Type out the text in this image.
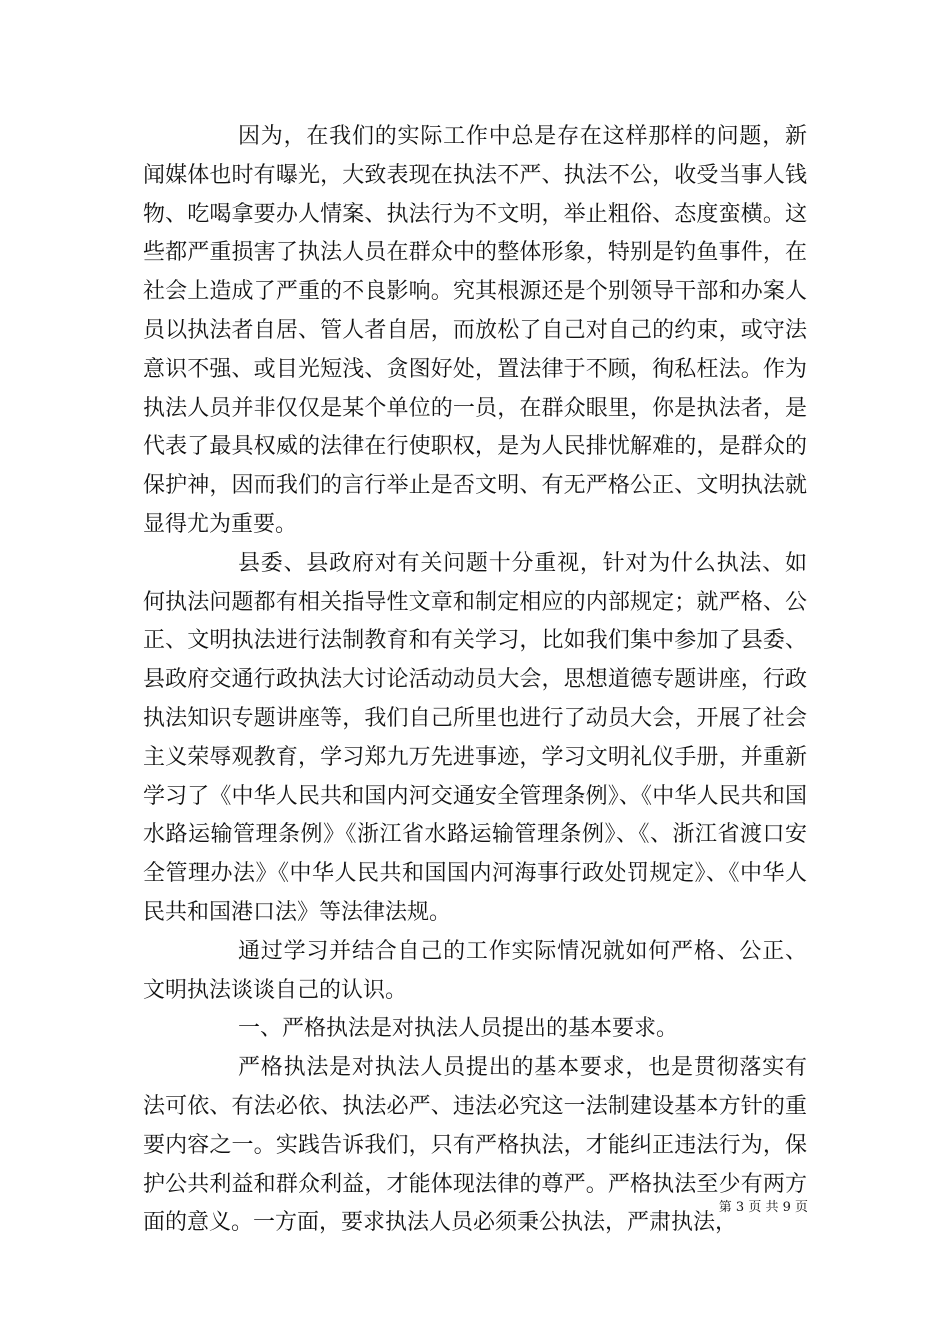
因为，在我们的实际工作中总是存在这样那样的问题，新闻媒体也时有曝光，大致表现在执法不严、执法不公，收受当事人钱物、吃喝拿要办人情案、执法行为不文明，举止粗俗、态度蛮横。这些都严重损害了执法人员在群众中的整体形象，特别是钓鱼事件，在社会上造成了严重的不良影响。究其根源还是个别领导干部和办案人员以执法者自居、管人者自居，而放松了自己对自己的约束，或守法意识不强、或目光短浅、贪图好处，置法律于不顾，徇私枉法。作为执法人员并非仅仅是某个单位的一员，在群众眼里，你是执法者，是代表了最具权威的法律在行使职权，是为人民排忧解难的，是群众的保护神，因而我们的言行举止是否文明、有无严格公正、文明执法就显得尤为重要。

县委、县政府对有关问题十分重视，针对为什么执法、如何执法问题都有相关指导性文章和制定相应的内部规定；就严格、公正、文明执法进行法制教育和有关学习，比如我们集中参加了县委、县政府交通行政执法大讨论活动动员大会，思想道德专题讲座，行政执法知识专题讲座等，我们自己所里也进行了动员大会，开展了社会主义荣辱观教育，学习郑九万先进事迹，学习文明礼仪手册，并重新学习了《中华人民共和国内河交通安全管理条例》、《中华人民共和国水路运输管理条例》《浙江省水路运输管理条例》、《、浙江省渡口安全管理办法》《中华人民共和国国内河海事行政处罚规定》、《中华人民共和国港口法》等法律法规。

通过学习并结合自己的工作实际情况就如何严格、公正、文明执法谈谈自己的认识。

一、严格执法是对执法人员提出的基本要求。

严格执法是对执法人员提出的基本要求，也是贯彻落实有法可依、有法必依、执法必严、违法必究这一法制建设基本方针的重要内容之一。实践告诉我们，只有严格执法，才能纠正违法行为，保护公共利益和群众利益，才能体现法律的尊严。严格执法至少有两方面的意义。一方面，要求执法人员必须秉公执法，严肃执法，

第 3 页 共 9 页
